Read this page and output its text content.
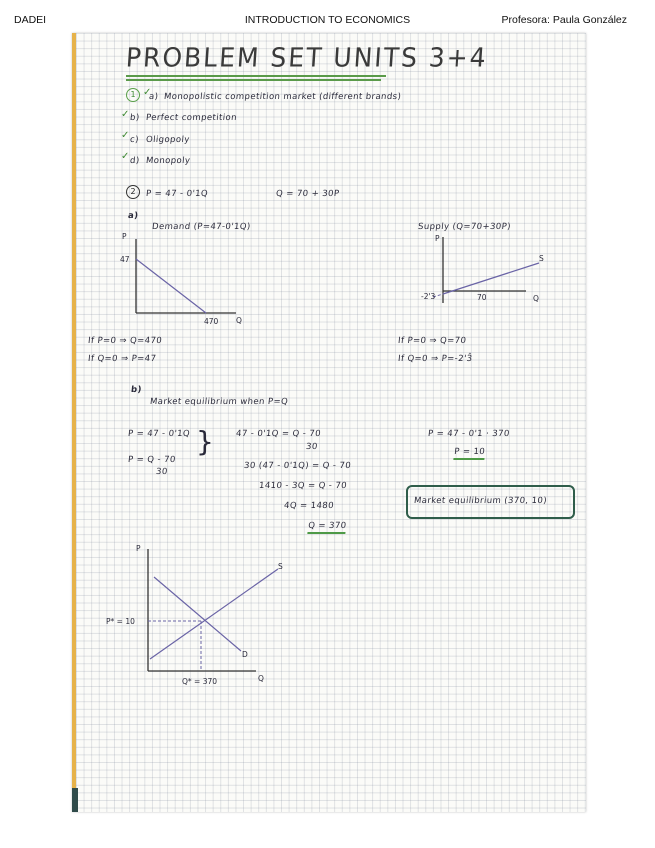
DADEI	INTRODUCTION TO ECONOMICS	Profesora: Paula González
PROBLEM SET UNITS 3+4
1 ✓
a) Monopolistic competition market (different brands)
✓ b) Perfect competition
✓ c) Oligopoly
✓ d) Monopoly
2	P = 47 - 0'1Q	Q = 70 + 30P
a)
Demand (P=47-0'1Q)	Supply (Q=70+30P)
P
Q
47
470
P
Q
-2'3	70
S
If P=0 ⇒ Q=470
If Q=0 ⇒ P=47
If P=0 ⇒ Q=70
If Q=0 ⇒ P=-2'3̂
b)
Market equilibrium when P=Q
P = 47 - 0'1Q
P = Q - 70
30
}	47 - 0'1Q = Q - 70
30
30 (47 - 0'1Q) = Q - 70
1410 - 3Q = Q - 70
4Q = 1480
Q = 370
P = 47 - 0'1 · 370
P = 10
Market equilibrium (370, 10)
P
Q
S
D
P* = 10
Q* = 370
